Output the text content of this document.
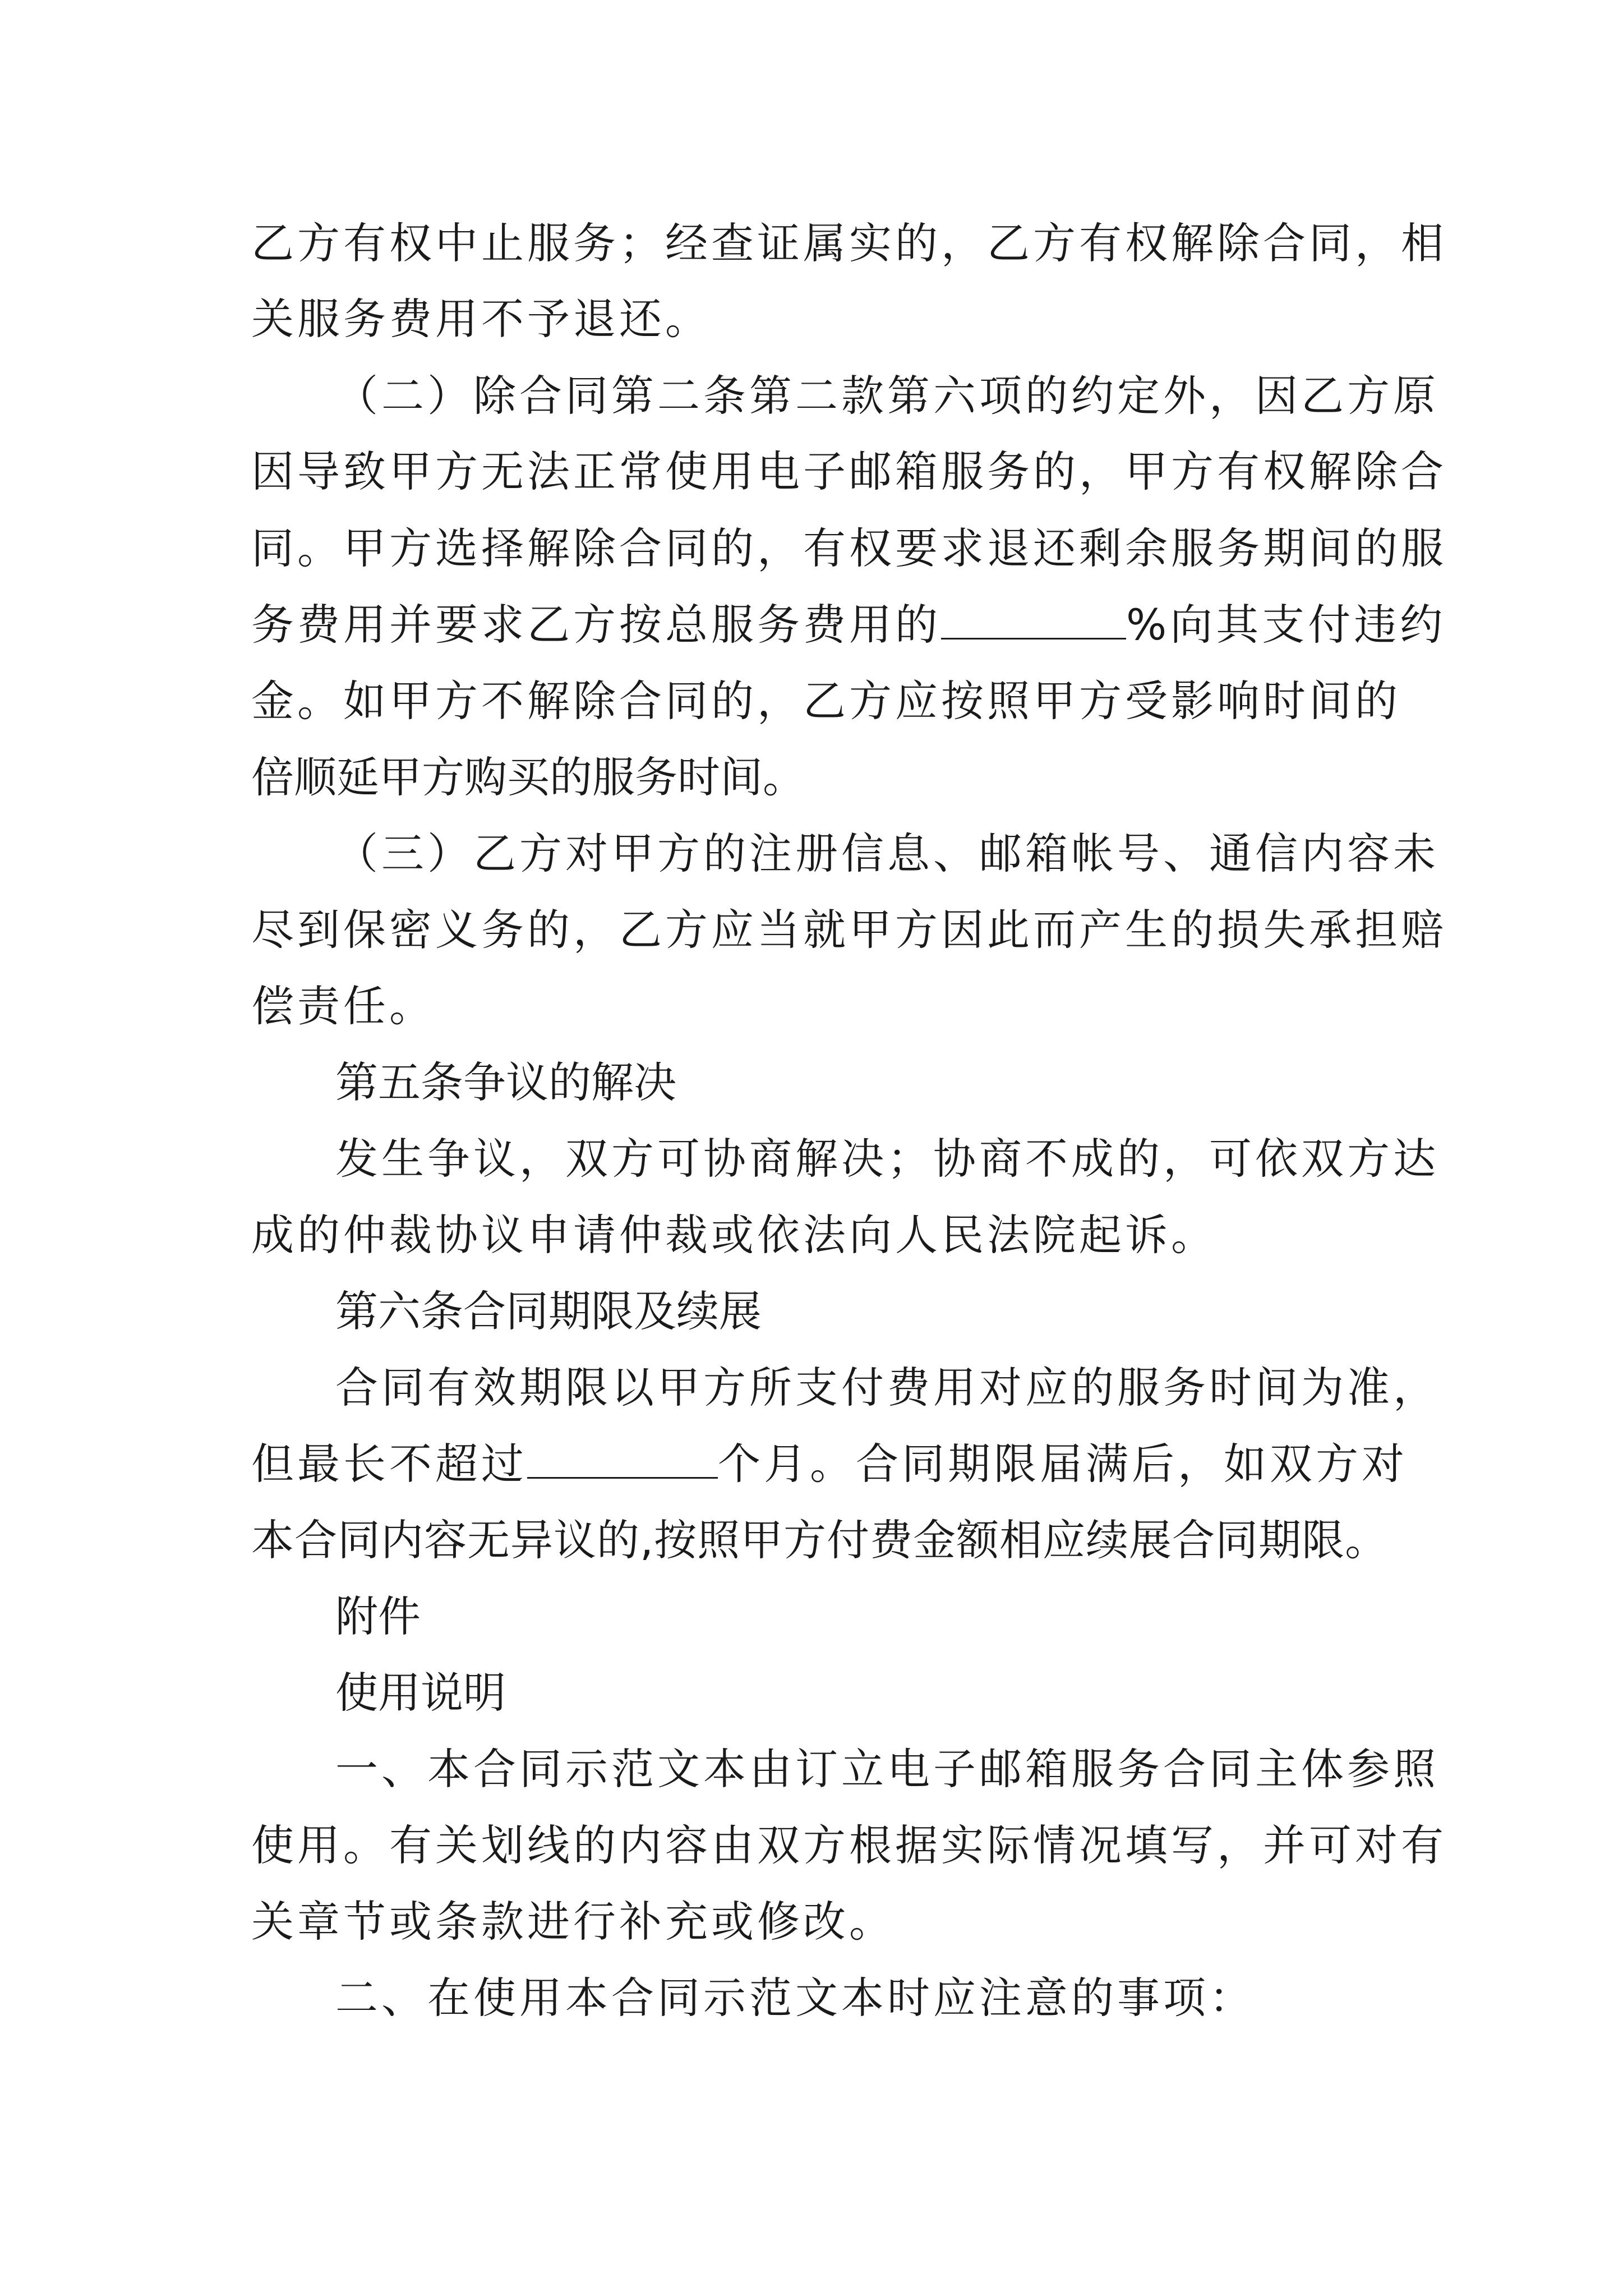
乙方有权中止服务；经查证属实的，乙方有权解除合同，相

关服务费用不予退还。

（二）除合同第二条第二款第六项的约定外，因乙方原

因导致甲方无法正常使用电子邮箱服务的，甲方有权解除合

同。甲方选择解除合同的，有权要求退还剩余服务期间的服

务费用并要求乙方按总服务费用的	%向其支付违约

金。如甲方不解除合同的，乙方应按照甲方受影响时间的

倍顺延甲方购买的服务时间。

（三）乙方对甲方的注册信息、邮箱帐号、通信内容未

尽到保密义务的，乙方应当就甲方因此而产生的损失承担赔

偿责任。

第五条争议的解决

发生争议，双方可协商解决；协商不成的，可依双方达

成的仲裁协议申请仲裁或依法向人民法院起诉。

第六条合同期限及续展

合同有效期限以甲方所支付费用对应的服务时间为准，

但最长不超过	个月。合同期限届满后，如双方对

本合同内容无异议的,按照甲方付费金额相应续展合同期限。

附件

使用说明

一、本合同示范文本由订立电子邮箱服务合同主体参照

使用。有关划线的内容由双方根据实际情况填写，并可对有

关章节或条款进行补充或修改。

二、在使用本合同示范文本时应注意的事项：
